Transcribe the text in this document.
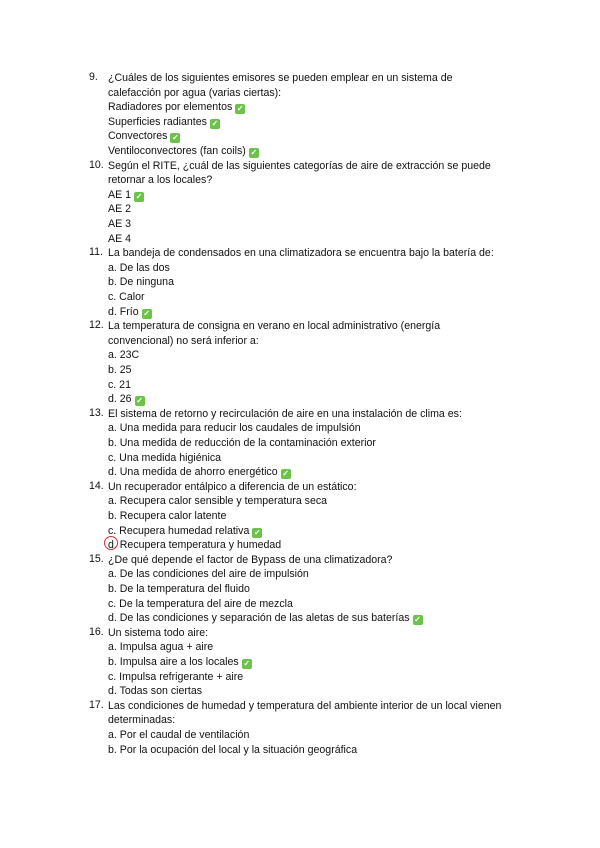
9. ¿Cuáles de los siguientes emisores se pueden emplear en un sistema de
calefacción por agua (varias ciertas):
Radiadores por elementos ✓
Superficies radiantes ✓
Convectores ✓
Ventiloconvectores (fan coils) ✓
10. Según el RITE, ¿cuál de las siguientes categorías de aire de extracción se puede
retornar a los locales?
AE 1 ✓
AE 2
AE 3
AE 4
11. La bandeja de condensados en una climatizadora se encuentra bajo la batería de:
a. De las dos
b. De ninguna
c. Calor
d. Frío ✓
12. La temperatura de consigna en verano en local administrativo (energía
convencional) no será inferior a:
a. 23C
b. 25
c. 21
d. 26 ✓
13. El sistema de retorno y recirculación de aire en una instalación de clima es:
a. Una medida para reducir los caudales de impulsión
b. Una medida de reducción de la contaminación exterior
c. Una medida higiénica
d. Una medida de ahorro energético ✓
14. Un recuperador entálpico a diferencia de un estático:
a. Recupera calor sensible y temperatura seca
b. Recupera calor latente
c. Recupera humedad relativa ✓
d. Recupera temperatura y humedad
15. ¿De qué depende el factor de Bypass de una climatizadora?
a. De las condiciones del aire de impulsión
b. De la temperatura del fluido
c. De la temperatura del aire de mezcla
d. De las condiciones y separación de las aletas de sus baterías ✓
16. Un sistema todo aire:
a. Impulsa agua + aire
b. Impulsa aire a los locales ✓
c. Impulsa refrigerante + aire
d. Todas son ciertas
17. Las condiciones de humedad y temperatura del ambiente interior de un local vienen
determinadas:
a. Por el caudal de ventilación
b. Por la ocupación del local y la situación geográfica
